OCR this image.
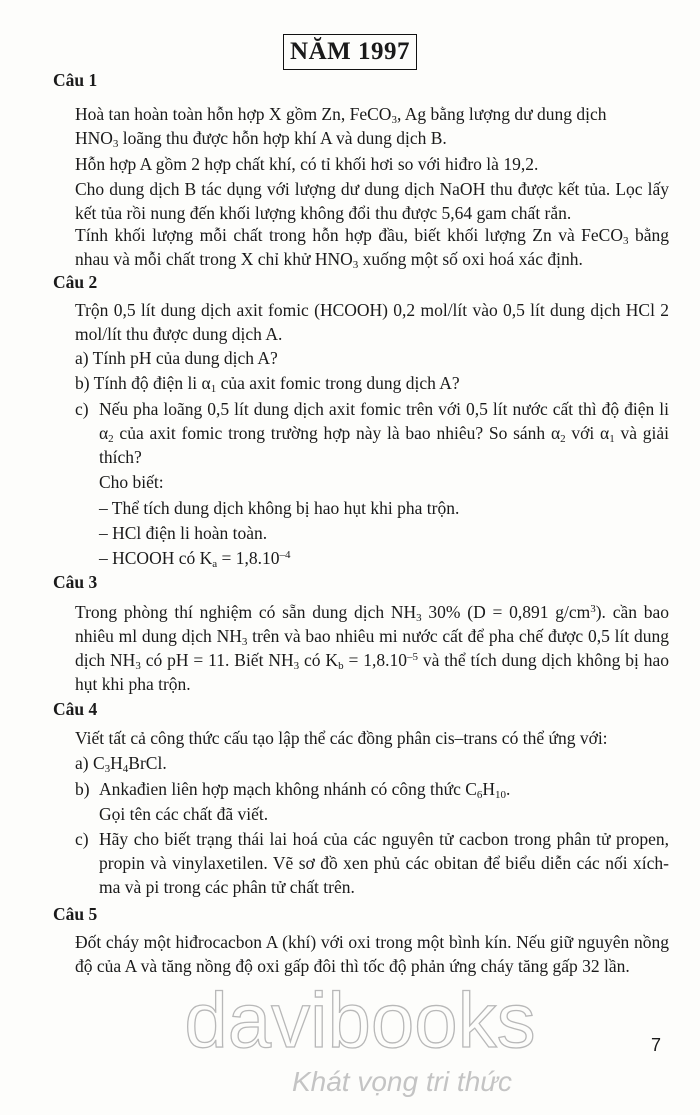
NĂM 1997
Câu 1

Hoà tan hoàn toàn hỗn hợp X gồm Zn, FeCO$_3$, Ag bằng lượng dư dung dịch
$HNO_3$ loãng thu được hỗn hợp khí A và dung dịch B.

Hỗn hợp A gồm 2 hợp chất khí, có tỉ khối hơi so với hiđro là 19,2.

Cho dung dịch B tác dụng với lượng dư dung dịch NaOH thu được kết tủa. Lọc lấy kết tủa rồi nung đến khối lượng không đổi thu được 5,64 gam chất rắn.

Tính khối lượng mỗi chất trong hỗn hợp đầu, biết khối lượng Zn và FeCO$_3$ bằng nhau và mỗi chất trong X chỉ khử $HNO_3$ xuống một số oxi hoá xác định.

Câu 2

Trộn 0,5 lít dung dịch axit fomic (HCOOH) 0,2 mol/lít vào 0,5 lít dung dịch HCl 2 mol/lít thu được dung dịch A.

a) Tính pH của dung dịch A?

b) Tính độ điện li $\alpha_1$ của axit fomic trong dung dịch A?

c) Nếu pha loãng 0,5 lít dung dịch axit fomic trên với 0,5 lít nước cất thì độ điện li $\alpha_2$ của axit fomic trong trường hợp này là bao nhiêu? So sánh $\alpha_2$ với $\alpha_1$ và giải thích?

Cho biết:

– Thể tích dung dịch không bị hao hụt khi pha trộn.

– HCl điện li hoàn toàn.

– HCOOH có $K_a = 1,8.10^{-4}$

Câu 3

Trong phòng thí nghiệm có sẵn dung dịch $NH_3$ 30% (D = 0,891 $g/cm^3$). cần bao nhiêu ml dung dịch $NH_3$ trên và bao nhiêu mi nước cất để pha chế được 0,5 lít dung dịch $NH_3$ có pH = 11. Biết $NH_3$ có $K_b = 1,8.10^{-5}$ và thể tích dung dịch không bị hao hụt khi pha trộn.

Câu 4

Viết tất cả công thức cấu tạo lập thể các đồng phân cis–trans có thể ứng với:

a) $C_3H_4BrCl$.

b) Ankađien liên hợp mạch không nhánh có công thức $C_6H_{10}$.

Gọi tên các chất đã viết.

c) Hãy cho biết trạng thái lai hoá của các nguyên tử cacbon trong phân tử propen, propin và vinylaxetilen. Vẽ sơ đồ xen phủ các obitan để biểu diễn các nối xích-ma và pi trong các phân tử chất trên.

Câu 5

Đốt cháy một hiđrocacbon A (khí) với oxi trong một bình kín. Nếu giữ nguyên nồng độ của A và tăng nồng độ oxi gấp đôi thì tốc độ phản ứng cháy tăng gấp 32 lần.

davibooks
Khát vọng tri thức
7
